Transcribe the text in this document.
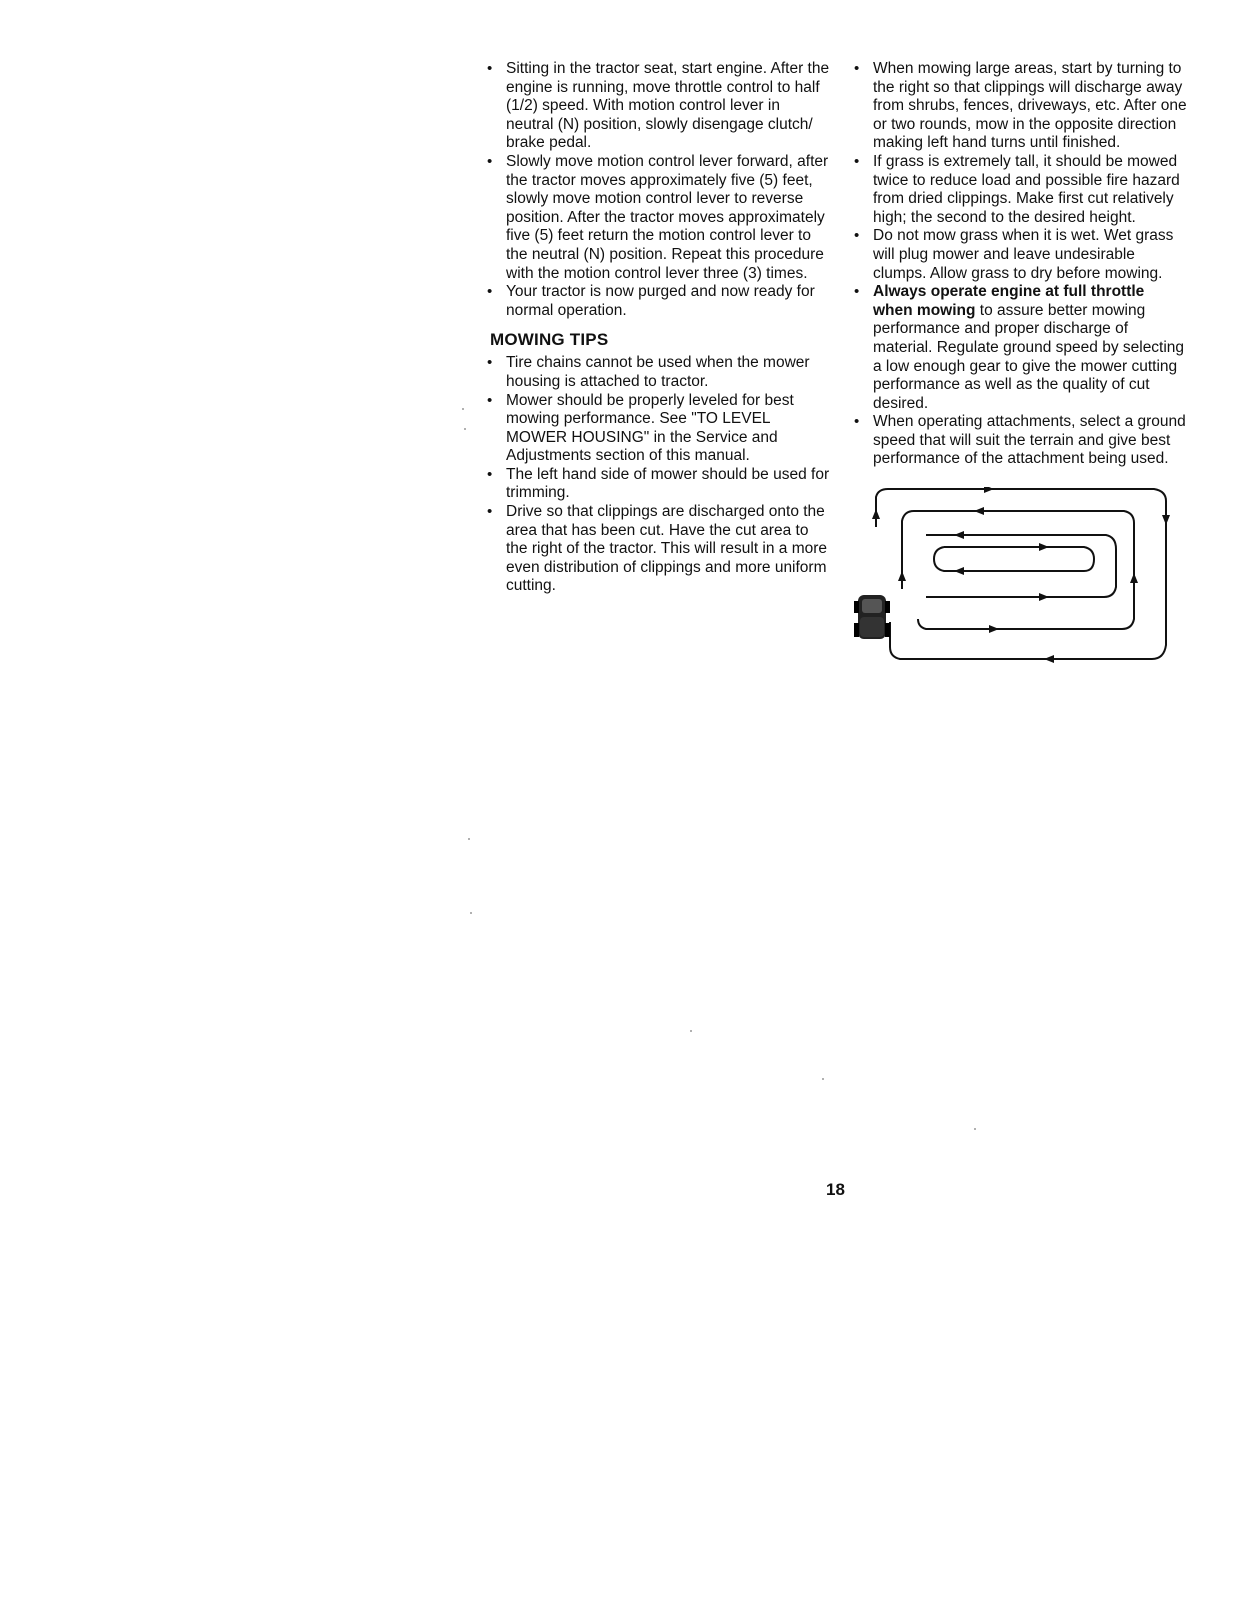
• Sitting in the tractor seat, start engine. After the engine is running, move throttle control to half (1/2) speed. With motion control lever in neutral (N) position, slowly disengage clutch/ brake pedal.
• Slowly move motion control lever forward, after the tractor moves approximately five (5) feet, slowly move motion control lever to reverse position. After the tractor moves approximately five (5) feet return the motion control lever to the neutral (N) position. Repeat this procedure with the motion control lever three (3) times.
• Your tractor is now purged and now ready for normal operation.
MOWING TIPS
• Tire chains cannot be used when the mower housing is attached to tractor.
• Mower should be properly leveled for best mowing performance. See "TO LEVEL MOWER HOUSING" in the Service and Adjustments section of this manual.
• The left hand side of mower should be used for trimming.
• Drive so that clippings are discharged onto the area that has been cut. Have the cut area to the right of the tractor. This will result in a more even distribution of clippings and more uniform cutting.
• When mowing large areas, start by turning to the right so that clippings will discharge away from shrubs, fences, driveways, etc. After one or two rounds, mow in the opposite direction making left hand turns until finished.
• If grass is extremely tall, it should be mowed twice to reduce load and possible fire hazard from dried clippings. Make first cut relatively high; the second to the desired height.
• Do not mow grass when it is wet. Wet grass will plug mower and leave undesirable clumps. Allow grass to dry before mowing.
• Always operate engine at full throttle when mowing to assure better mowing performance and proper discharge of material. Regulate ground speed by selecting a low enough gear to give the mower cutting performance as well as the quality of cut desired.
• When operating attachments, select a ground speed that will suit the terrain and give best performance of the attachment being used.
18
